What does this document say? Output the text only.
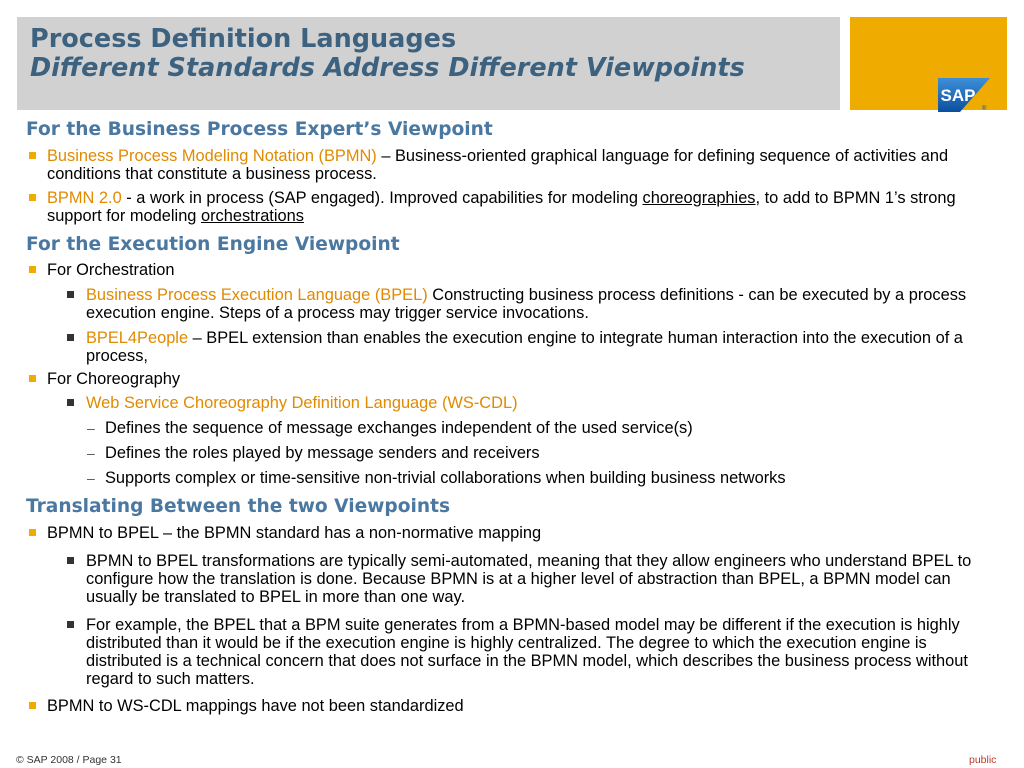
Process Definition Languages
Different Standards Address Different Viewpoints
SAP
®
For the Business Process Expert’s Viewpoint
Business Process Modeling Notation (BPMN) – Business-oriented graphical language for defining sequence of activities and conditions that constitute a business process.
BPMN 2.0 - a work in process (SAP engaged). Improved capabilities for modeling choreographies, to add to BPMN 1’s strong support for modeling orchestrations
For the Execution Engine Viewpoint
For Orchestration
Business Process Execution Language (BPEL) Constructing business process definitions - can be executed by a process execution engine. Steps of a process may trigger service invocations.
BPEL4People – BPEL extension than enables the execution engine to integrate human interaction into the execution of a process,
For Choreography
Web Service Choreography Definition Language (WS-CDL)
– Defines the sequence of message exchanges independent of the used service(s)
– Defines the roles played by message senders and receivers
– Supports complex or time-sensitive non-trivial collaborations when building business networks
Translating Between the two Viewpoints
BPMN to BPEL – the BPMN standard has a non-normative mapping
BPMN to BPEL transformations are typically semi-automated, meaning that they allow engineers who understand BPEL to configure how the translation is done. Because BPMN is at a higher level of abstraction than BPEL, a BPMN model can usually be translated to BPEL in more than one way.
For example, the BPEL that a BPM suite generates from a BPMN-based model may be different if the execution is highly distributed than it would be if the execution engine is highly centralized. The degree to which the execution engine is distributed is a technical concern that does not surface in the BPMN model, which describes the business process without regard to such matters.
BPMN to WS-CDL mappings have not been standardized
© SAP 2008 / Page 31	public
